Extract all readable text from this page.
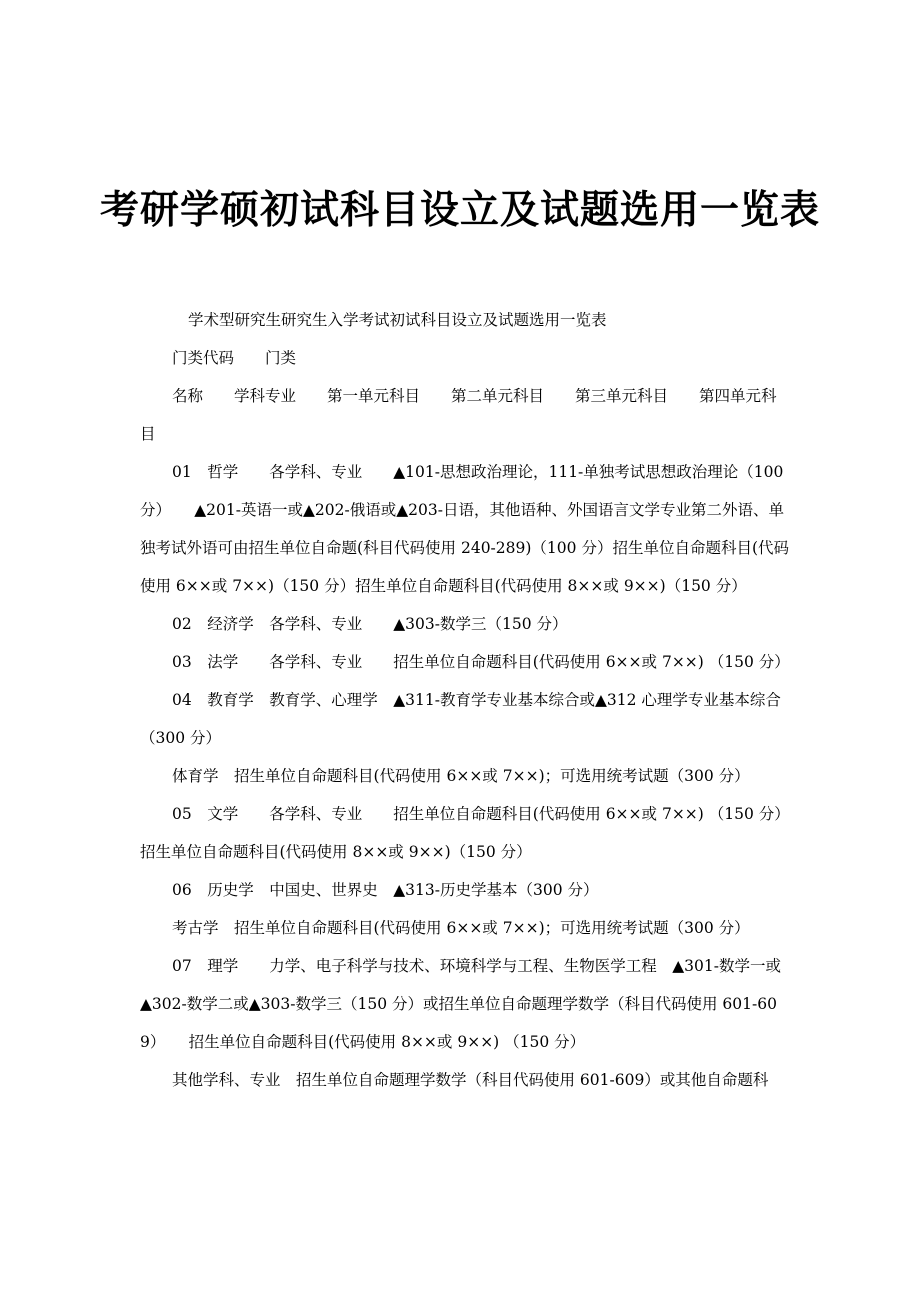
考研学硕初试科目设立及试题选用一览表

学术型研究生研究生入学考试初试科目设立及试题选用一览表

门类代码　　门类

名称　　学科专业　　第一单元科目　　第二单元科目　　第三单元科目　　第四单元科目

01　哲学　　各学科、专业　　▲101-思想政治理论，111-单独考试思想政治理论（100分）　　▲201-英语一或▲202-俄语或▲203-日语，其他语种、外国语言文学专业第二外语、单独考试外语可由招生单位自命题(科目代码使用 240-289)（100 分）招生单位自命题科目(代码使用 6××或 7××)（150 分）招生单位自命题科目(代码使用 8××或 9××)（150 分）

02　经济学　各学科、专业　　▲303-数学三（150 分）

03　法学　　各学科、专业　　招生单位自命题科目(代码使用 6××或 7××) （150 分）

04　教育学　教育学、心理学　▲311-教育学专业基本综合或▲312 心理学专业基本综合 （300 分）

体育学　招生单位自命题科目(代码使用 6××或 7××)；可选用统考试题（300 分）

05　文学　　各学科、专业　　招生单位自命题科目(代码使用 6××或 7××) （150 分）　　招生单位自命题科目(代码使用 8××或 9××)（150 分）

06　历史学　中国史、世界史　▲313-历史学基本（300 分）

考古学　招生单位自命题科目(代码使用 6××或 7××)；可选用统考试题（300 分）

07　理学　　力学、电子科学与技术、环境科学与工程、生物医学工程　▲301-数学一或▲302-数学二或▲303-数学三（150 分）或招生单位自命题理学数学（科目代码使用 601-609）　　招生单位自命题科目(代码使用 8××或 9××) （150 分）

其他学科、专业　招生单位自命题理学数学（科目代码使用 601-609）或其他自命题科
